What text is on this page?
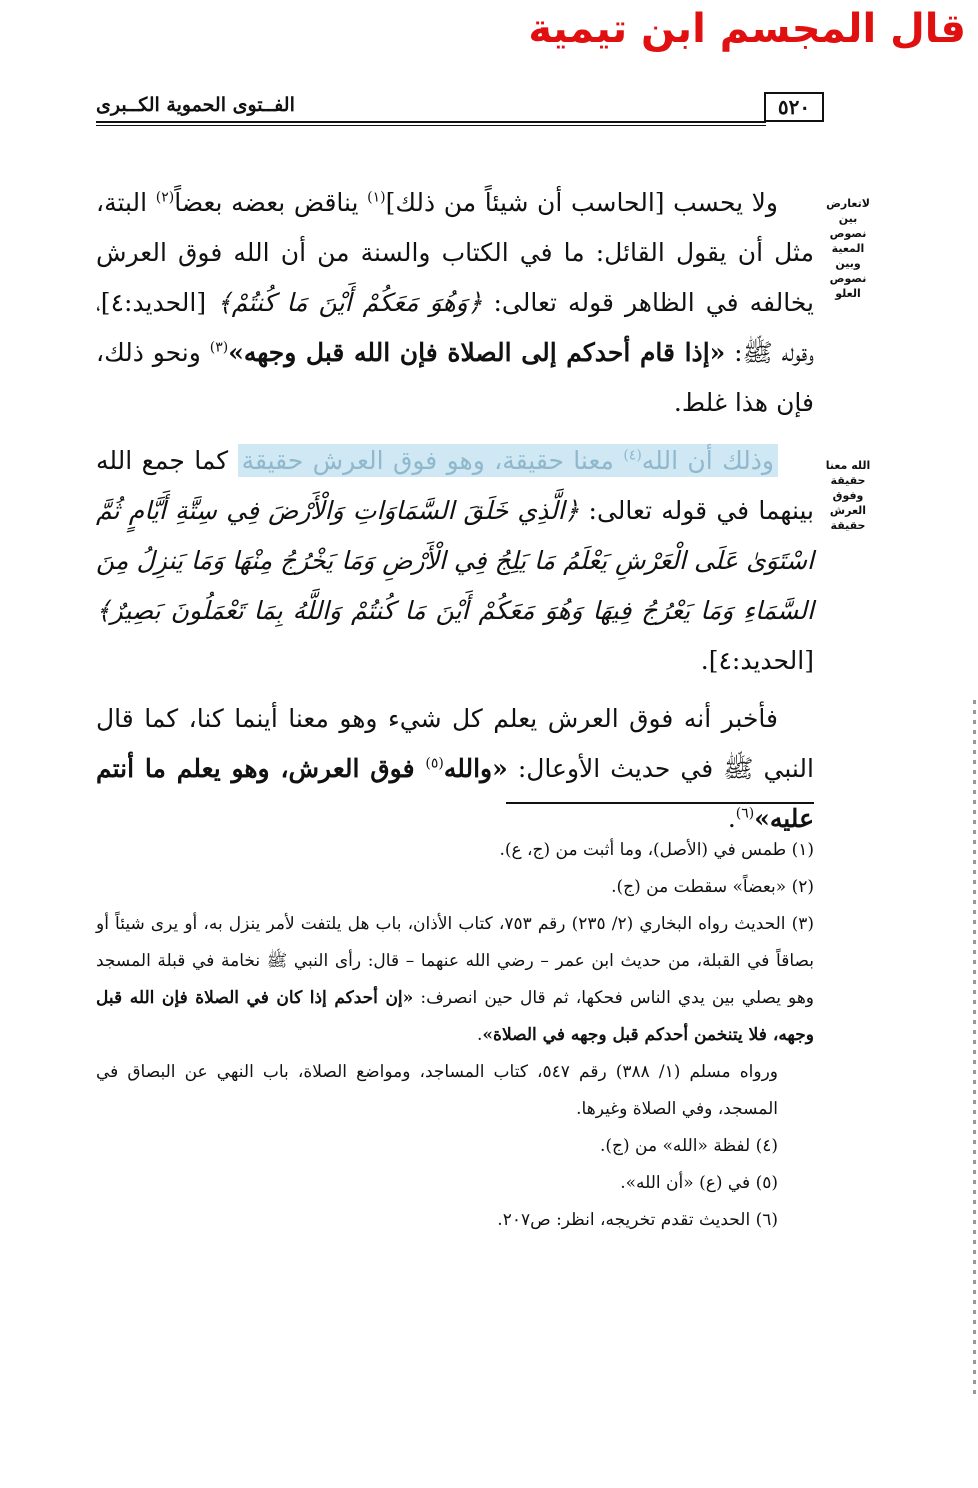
قال المجسم ابن تيمية
٥٢٠
الفــتوى الحموية الكــبرى
لاتعارض بين نصوص المعية وبين نصوص العلو
الله معنا حقيقة وفوق العرش حقيقة

ولا يحسب [الحاسب أن شيئاً من ذلك]$^{(١)}$ يناقض بعضه بعضاً$^{(٢)}$ البتة، مثل أن يقول القائل: ما في الكتاب والسنة من أن الله فوق العرش يخالفه في الظاهر قوله تعالى: ﴿وَهُوَ مَعَكُمْ أَيْنَ مَا كُنتُمْ﴾ [الحديد:٤]، وقوله ﷺ: «إذا قام أحدكم إلى الصلاة فإن الله قبل وجهه»$^{(٣)}$ ونحو ذلك، فإن هذا غلط.

وذلك أن الله$^{(٤)}$ معنا حقيقة، وهو فوق العرش حقيقة كما جمع الله بينهما في قوله تعالى: ﴿الَّذِي خَلَقَ السَّمَاوَاتِ وَالْأَرْضَ فِي سِتَّةِ أَيَّامٍ ثُمَّ اسْتَوَىٰ عَلَى الْعَرْشِ يَعْلَمُ مَا يَلِجُ فِي الْأَرْضِ وَمَا يَخْرُجُ مِنْهَا وَمَا يَنزِلُ مِنَ السَّمَاءِ وَمَا يَعْرُجُ فِيهَا وَهُوَ مَعَكُمْ أَيْنَ مَا كُنتُمْ وَاللَّهُ بِمَا تَعْمَلُونَ بَصِيرٌ﴾ [الحديد:٤].

فأخبر أنه فوق العرش يعلم كل شيء وهو معنا أينما كنا، كما قال النبي ﷺ في حديث الأوعال: «والله$^{(٥)}$ فوق العرش، وهو يعلم ما أنتم عليه»$^{(٦)}$.

(١) طمس في (الأصل)، وما أثبت من (ج، ع).

(٢) «بعضاً» سقطت من (ج).

(٣) الحديث رواه البخاري (٢/ ٢٣٥) رقم ٧٥٣، كتاب الأذان، باب هل يلتفت لأمر ينزل به، أو يرى شيئاً أو بصاقاً في القبلة، من حديث ابن عمر – رضي الله عنهما – قال: رأى النبي ﷺ نخامة في قبلة المسجد وهو يصلي بين يدي الناس فحكها، ثم قال حين انصرف: «إن أحدكم إذا كان في الصلاة فإن الله قبل وجهه، فلا يتنخمن أحدكم قبل وجهه في الصلاة».

ورواه مسلم (١/ ٣٨٨) رقم ٥٤٧، كتاب المساجد، ومواضع الصلاة، باب النهي عن البصاق في المسجد، وفي الصلاة وغيرها.

(٤) لفظة «الله» من (ج).

(٥) في (ع) «أن الله».

(٦) الحديث تقدم تخريجه، انظر: ص٢٠٧.
